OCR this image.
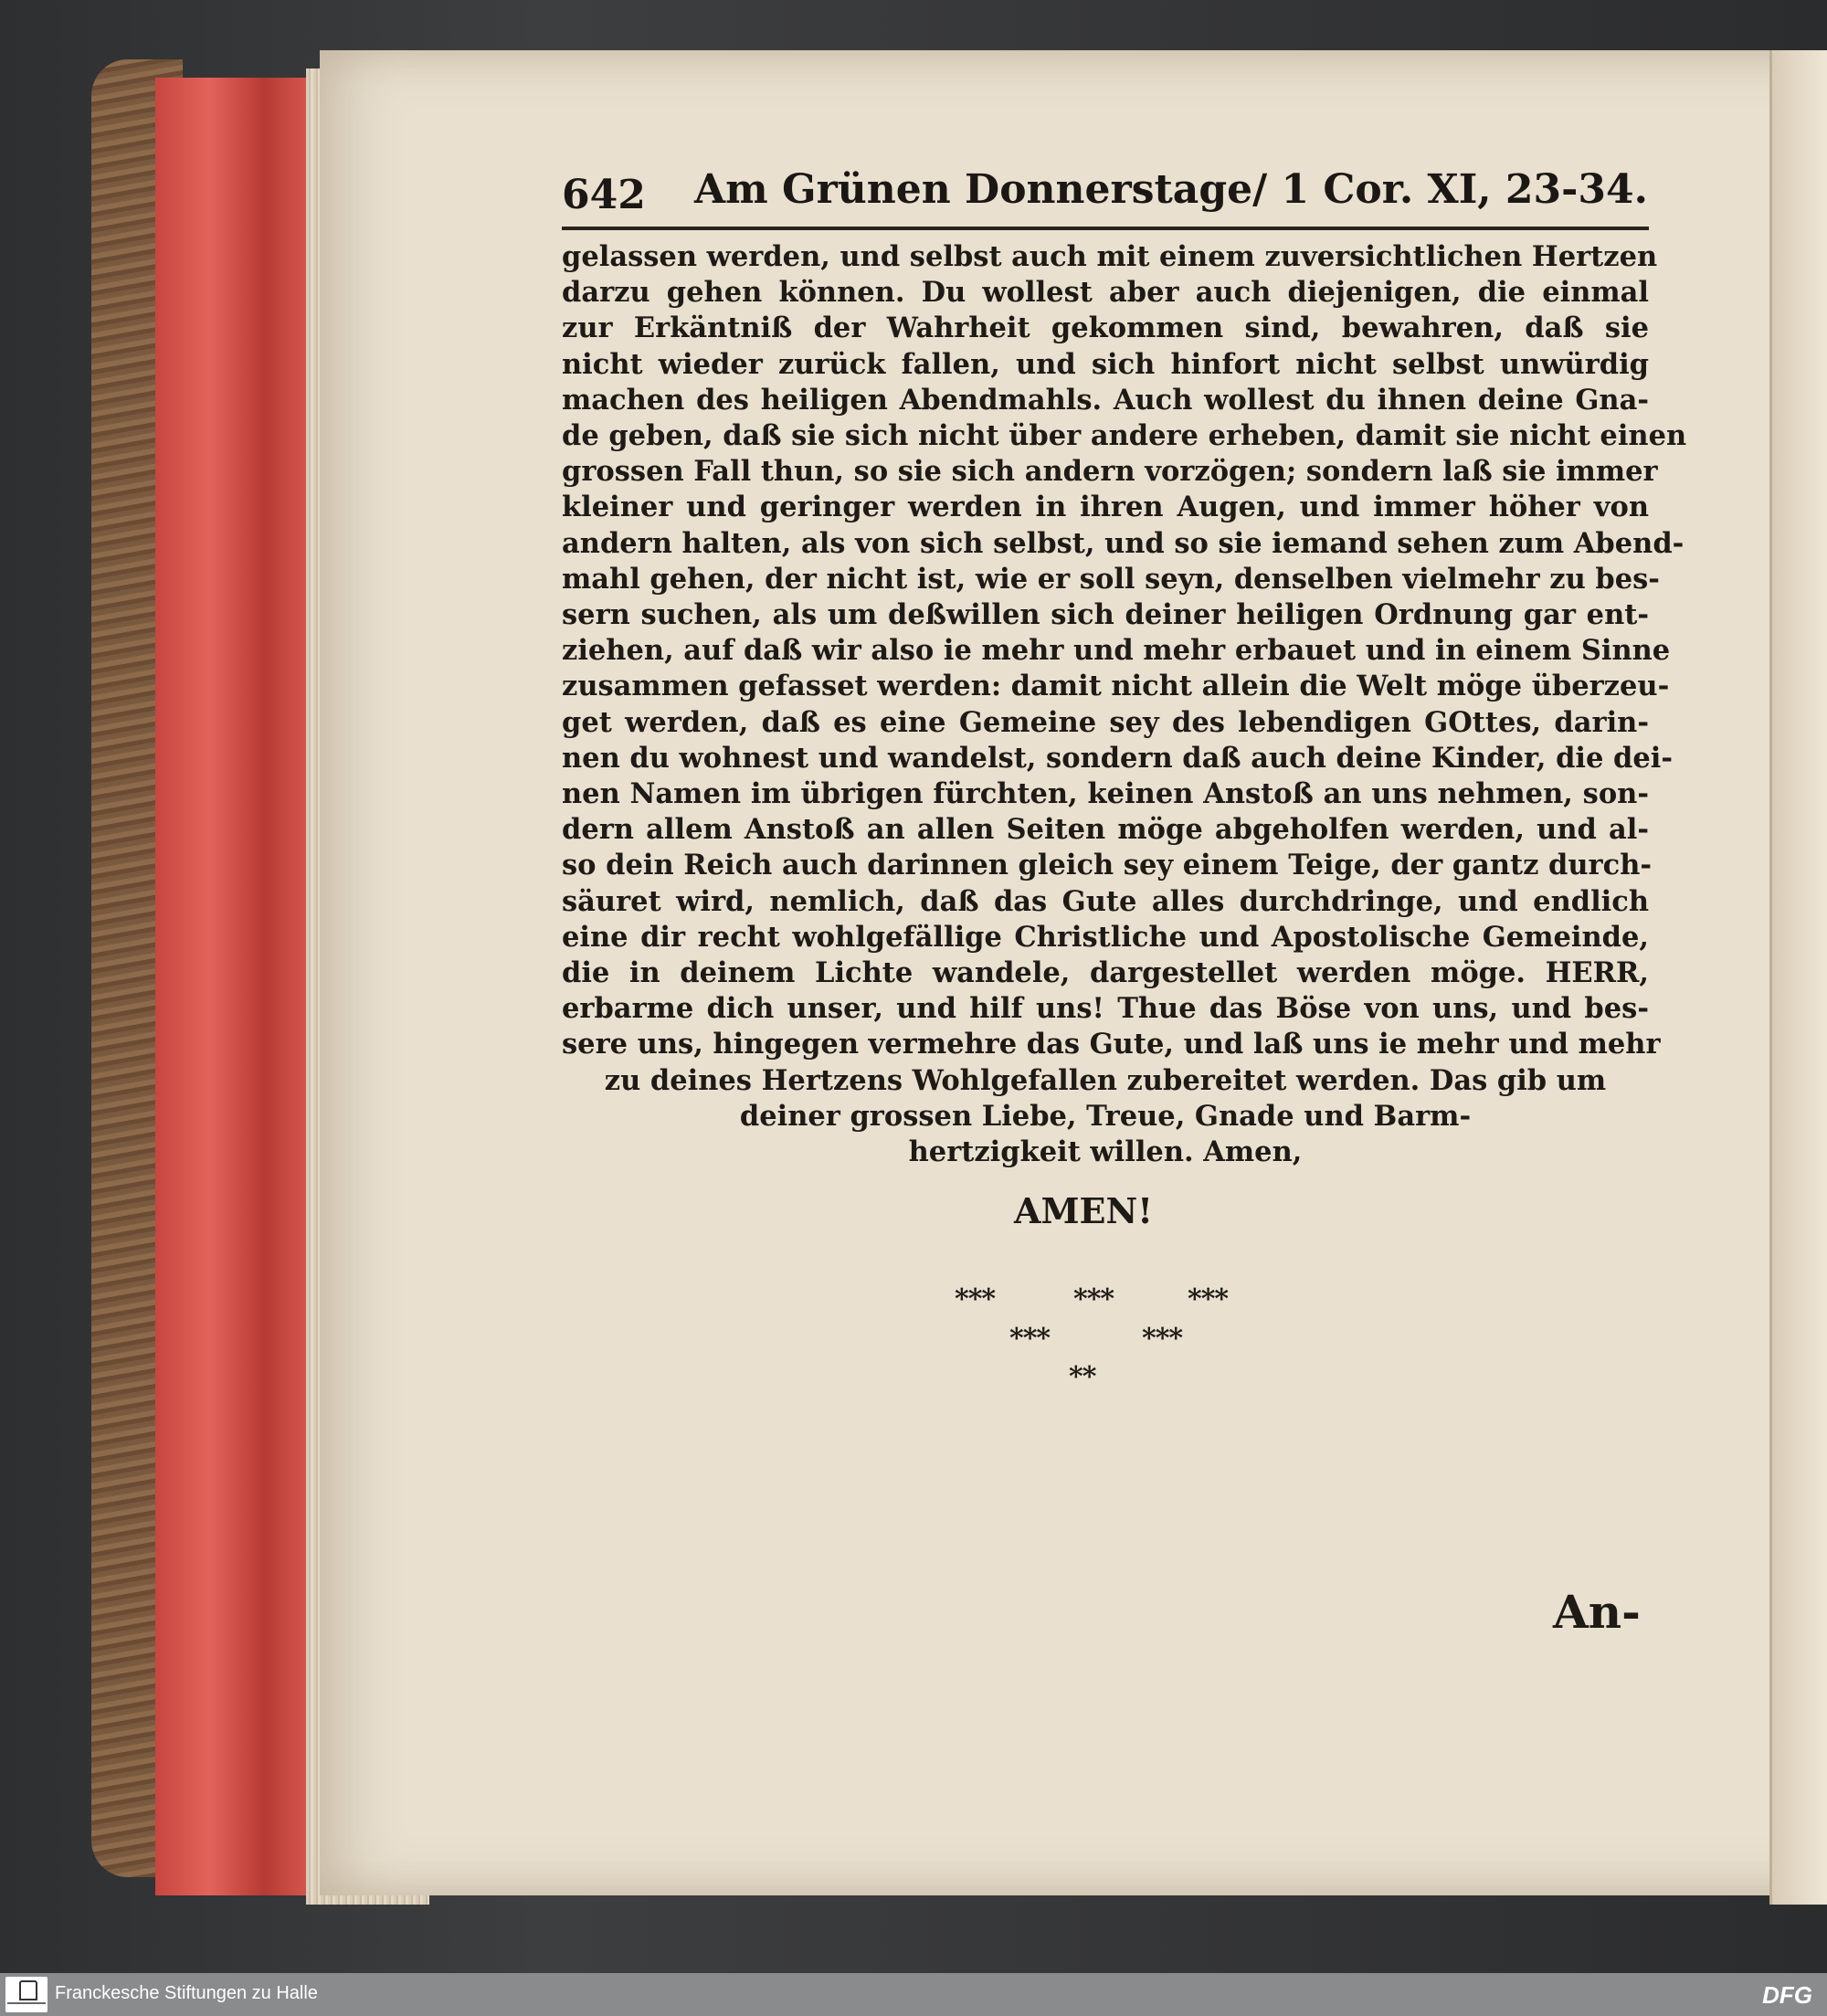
642 Am Grünen Donnerstage/ 1 Cor. XI, 23-34.
gelassen werden, und selbst auch mit einem zuversichtlichen Hertzen
darzu gehen können. Du wollest aber auch diejenigen, die einmal
zur Erkäntniß der Wahrheit gekommen sind, bewahren, daß sie
nicht wieder zurück fallen, und sich hinfort nicht selbst unwürdig
machen des heiligen Abendmahls. Auch wollest du ihnen deine Gna-
de geben, daß sie sich nicht über andere erheben, damit sie nicht einen
grossen Fall thun, so sie sich andern vorzögen; sondern laß sie immer
kleiner und geringer werden in ihren Augen, und immer höher von
andern halten, als von sich selbst, und so sie iemand sehen zum Abend-
mahl gehen, der nicht ist, wie er soll seyn, denselben vielmehr zu bes-
sern suchen, als um deßwillen sich deiner heiligen Ordnung gar ent-
ziehen, auf daß wir also ie mehr und mehr erbauet und in einem Sinne
zusammen gefasset werden: damit nicht allein die Welt möge überzeu-
get werden, daß es eine Gemeine sey des lebendigen GOttes, darin-
nen du wohnest und wandelst, sondern daß auch deine Kinder, die dei-
nen Namen im übrigen fürchten, keinen Anstoß an uns nehmen, son-
dern allem Anstoß an allen Seiten möge abgeholfen werden, und al-
so dein Reich auch darinnen gleich sey einem Teige, der gantz durch-
säuret wird, nemlich, daß das Gute alles durchdringe, und endlich
eine dir recht wohlgefällige Christliche und Apostolische Gemeinde,
die in deinem Lichte wandele, dargestellet werden möge. HERR,
erbarme dich unser, und hilf uns! Thue das Böse von uns, und bes-
sere uns, hingegen vermehre das Gute, und laß uns ie mehr und mehr
zu deines Hertzens Wohlgefallen zubereitet werden. Das gib um
deiner grossen Liebe, Treue, Gnade und Barm-
hertzigkeit willen. Amen,
AMEN!
***	***	***
***	***
**
An-
Franckesche Stiftungen zu Halle	DFG
